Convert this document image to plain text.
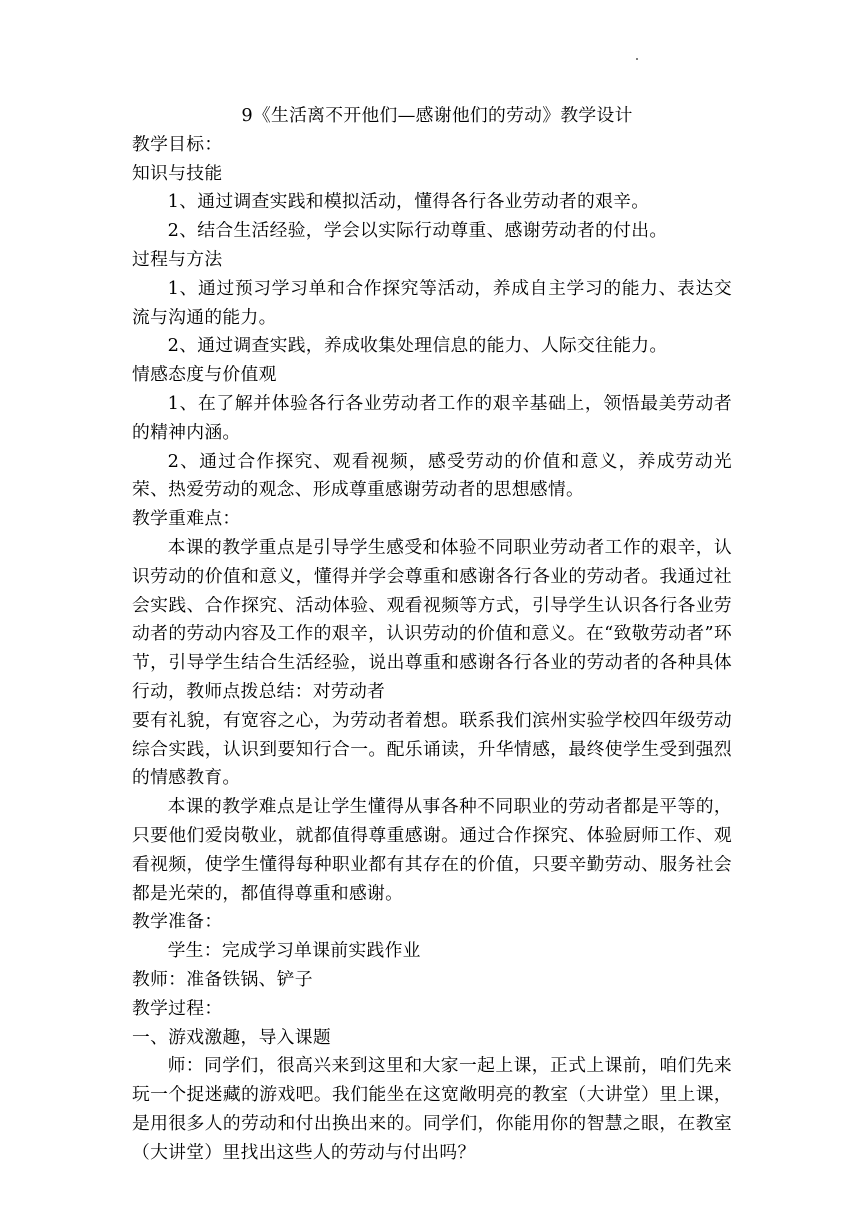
9《生活离不开他们—感谢他们的劳动》教学设计
教学目标：
知识与技能
1、通过调查实践和模拟活动，懂得各行各业劳动者的艰辛。
2、结合生活经验，学会以实际行动尊重、感谢劳动者的付出。
过程与方法
1、通过预习学习单和合作探究等活动，养成自主学习的能力、表达交流与沟通的能力。
2、通过调查实践，养成收集处理信息的能力、人际交往能力。
情感态度与价值观
1、在了解并体验各行各业劳动者工作的艰辛基础上，领悟最美劳动者的精神内涵。
2、通过合作探究、观看视频，感受劳动的价值和意义，养成劳动光荣、热爱劳动的观念、形成尊重感谢劳动者的思想感情。
教学重难点：
本课的教学重点是引导学生感受和体验不同职业劳动者工作的艰辛，认识劳动的价值和意义，懂得并学会尊重和感谢各行各业的劳动者。我通过社会实践、合作探究、活动体验、观看视频等方式，引导学生认识各行各业劳动者的劳动内容及工作的艰辛，认识劳动的价值和意义。在“致敬劳动者”环节，引导学生结合生活经验，说出尊重和感谢各行各业的劳动者的各种具体行动，教师点拨总结：对劳动者
要有礼貌，有宽容之心，为劳动者着想。联系我们滨州实验学校四年级劳动综合实践，认识到要知行合一。配乐诵读，升华情感，最终使学生受到强烈的情感教育。
本课的教学难点是让学生懂得从事各种不同职业的劳动者都是平等的，只要他们爱岗敬业，就都值得尊重感谢。通过合作探究、体验厨师工作、观看视频，使学生懂得每种职业都有其存在的价值，只要辛勤劳动、服务社会都是光荣的，都值得尊重和感谢。
教学准备：
学生：完成学习单课前实践作业
教师：准备铁锅、铲子
教学过程：
一、游戏激趣，导入课题
师：同学们，很高兴来到这里和大家一起上课，正式上课前，咱们先来玩一个捉迷藏的游戏吧。我们能坐在这宽敞明亮的教室（大讲堂）里上课，是用很多人的劳动和付出换出来的。同学们，你能用你的智慧之眼，在教室（大讲堂）里找出这些人的劳动与付出吗？
